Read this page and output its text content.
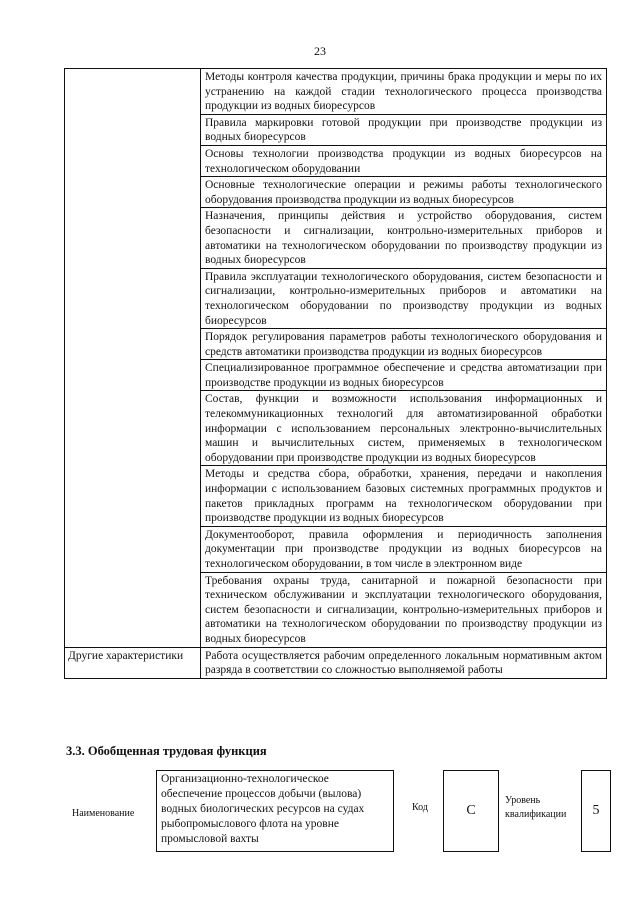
23
	Методы контроля качества продукции, причины брака продукции и меры по их устранению на каждой стадии технологического процесса производства продукции из водных биоресурсов
	Правила маркировки готовой продукции при производстве продукции из водных биоресурсов
	Основы технологии производства продукции из водных биоресурсов на технологическом оборудовании
	Основные технологические операции и режимы работы технологического оборудования производства продукции из водных биоресурсов
	Назначения, принципы действия и устройство оборудования, систем безопасности и сигнализации, контрольно-измерительных приборов и автоматики на технологическом оборудовании по производству продукции из водных биоресурсов
	Правила эксплуатации технологического оборудования, систем безопасности и сигнализации, контрольно-измерительных приборов и автоматики на технологическом оборудовании по производству продукции из водных биоресурсов
	Порядок регулирования параметров работы технологического оборудования и средств автоматики производства продукции из водных биоресурсов
	Специализированное программное обеспечение и средства автоматизации при производстве продукции из водных биоресурсов
	Состав, функции и возможности использования информационных и телекоммуникационных технологий для автоматизированной обработки информации с использованием персональных электронно-вычислительных машин и вычислительных систем, применяемых в технологическом оборудовании при производстве продукции из водных биоресурсов
	Методы и средства сбора, обработки, хранения, передачи и накопления информации с использованием базовых системных программных продуктов и пакетов прикладных программ на технологическом оборудовании при производстве продукции из водных биоресурсов
	Документооборот, правила оформления и периодичность заполнения документации при производстве продукции из водных биоресурсов на технологическом оборудовании, в том числе в электронном виде
	Требования охраны труда, санитарной и пожарной безопасности при техническом обслуживании и эксплуатации технологического оборудования, систем безопасности и сигнализации, контрольно-измерительных приборов и автоматики на технологическом оборудовании по производству продукции из водных биоресурсов
Другие характеристики	Работа осуществляется рабочим определенного локальным нормативным актом разряда в соответствии со сложностью выполняемой работы
3.3. Обобщенная трудовая функция
Наименование
Организационно-технологическое обеспечение процессов добычи (вылова) водных биологических ресурсов на судах рыбопромыслового флота на уровне промысловой вахты
Код	C
Уровень квалификации	5
